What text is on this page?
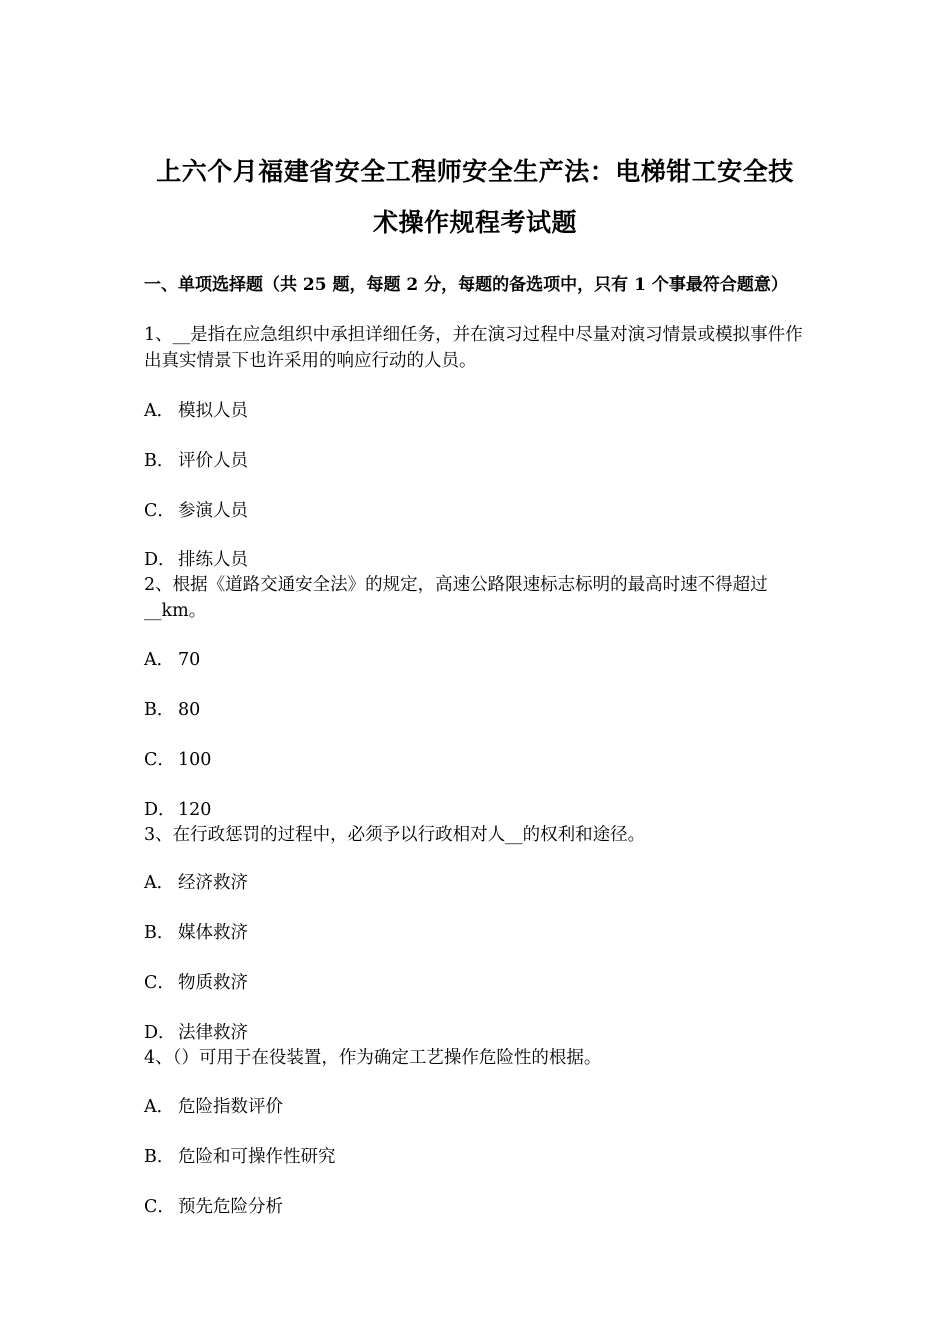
上六个月福建省安全工程师安全生产法：电梯钳工安全技
术操作规程考试题
一、单项选择题（共 25 题，每题 2 分，每题的备选项中，只有 1 个事最符合题意）

1、__是指在应急组织中承担详细任务，并在演习过程中尽量对演习情景或模拟事件作出真实情景下也许采用的响应行动的人员。

A． 模拟人员
B． 评价人员
C． 参演人员
D． 排练人员

2、根据《道路交通安全法》的规定，高速公路限速标志标明的最高时速不得超过__km。

A． 70
B． 80
C． 100
D． 120

3、在行政惩罚的过程中，必须予以行政相对人__的权利和途径。

A． 经济救济
B． 媒体救济
C． 物质救济
D． 法律救济

4、（）可用于在役装置，作为确定工艺操作危险性的根据。

A． 危险指数评价
B． 危险和可操作性研究
C． 预先危险分析
